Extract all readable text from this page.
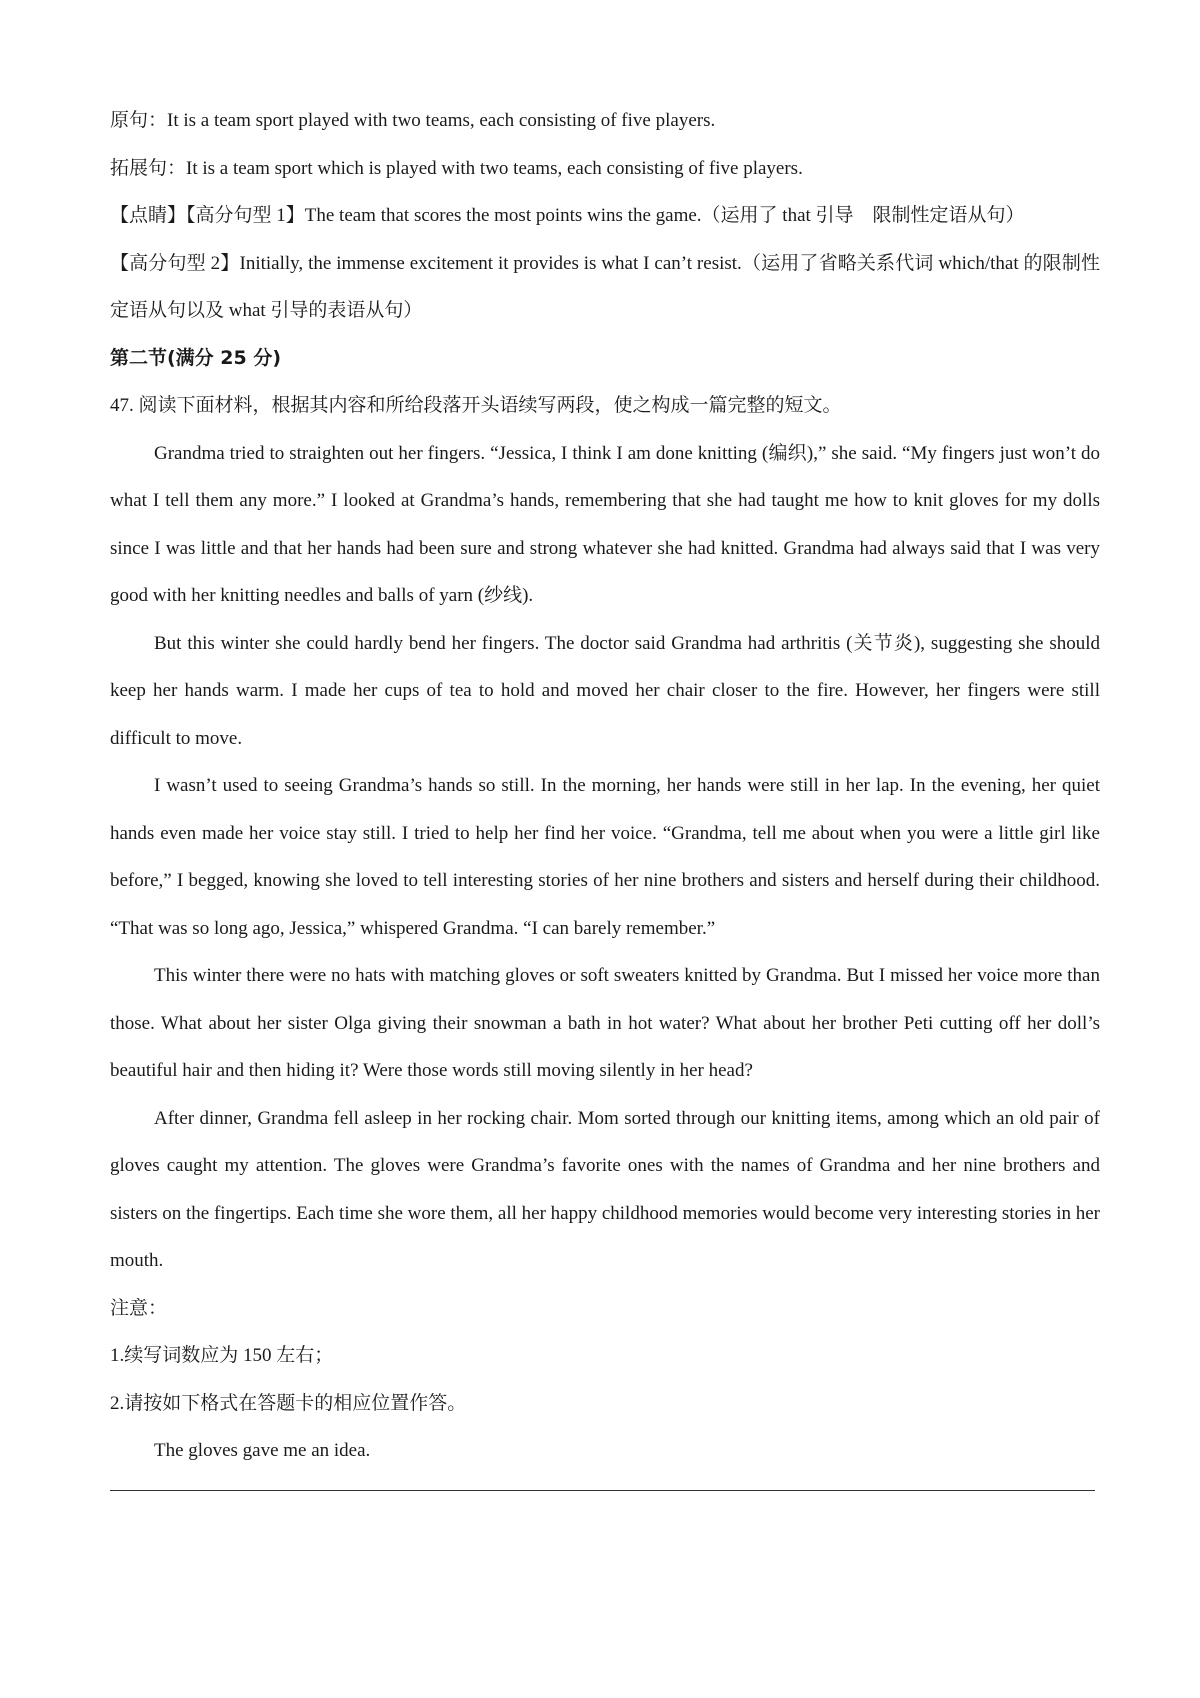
原句：It is a team sport played with two teams, each consisting of five players.

拓展句：It is a team sport which is played with two teams, each consisting of five players.

【点睛】【高分句型 1】The team that scores the most points wins the game.（运用了 that 引导　限制性定语从句）

【高分句型 2】Initially, the immense excitement it provides is what I can’t resist.（运用了省略关系代词 which/that 的限制性定语从句以及 what 引导的表语从句）

第二节(满分 25 分)

47. 阅读下面材料，根据其内容和所给段落开头语续写两段，使之构成一篇完整的短文。

Grandma tried to straighten out her fingers. “Jessica, I think I am done knitting (编织),” she said. “My fingers just won’t do what I tell them any more.” I looked at Grandma’s hands, remembering that she had taught me how to knit gloves for my dolls since I was little and that her hands had been sure and strong whatever she had knitted. Grandma had always said that I was very good with her knitting needles and balls of yarn (纱线).

But this winter she could hardly bend her fingers. The doctor said Grandma had arthritis (关节炎), suggesting she should keep her hands warm. I made her cups of tea to hold and moved her chair closer to the fire. However, her fingers were still difficult to move.

I wasn’t used to seeing Grandma’s hands so still. In the morning, her hands were still in her lap. In the evening, her quiet hands even made her voice stay still. I tried to help her find her voice. “Grandma, tell me about when you were a little girl like before,” I begged, knowing she loved to tell interesting stories of her nine brothers and sisters and herself during their childhood. “That was so long ago, Jessica,” whispered Grandma. “I can barely remember.”

This winter there were no hats with matching gloves or soft sweaters knitted by Grandma. But I missed her voice more than those. What about her sister Olga giving their snowman a bath in hot water? What about her brother Peti cutting off her doll’s beautiful hair and then hiding it? Were those words still moving silently in her head?

After dinner, Grandma fell asleep in her rocking chair. Mom sorted through our knitting items, among which an old pair of gloves caught my attention. The gloves were Grandma’s favorite ones with the names of Grandma and her nine brothers and sisters on the fingertips. Each time she wore them, all her happy childhood memories would become very interesting stories in her mouth.

注意：

1.续写词数应为 150 左右；

2.请按如下格式在答题卡的相应位置作答。

The gloves gave me an idea.
